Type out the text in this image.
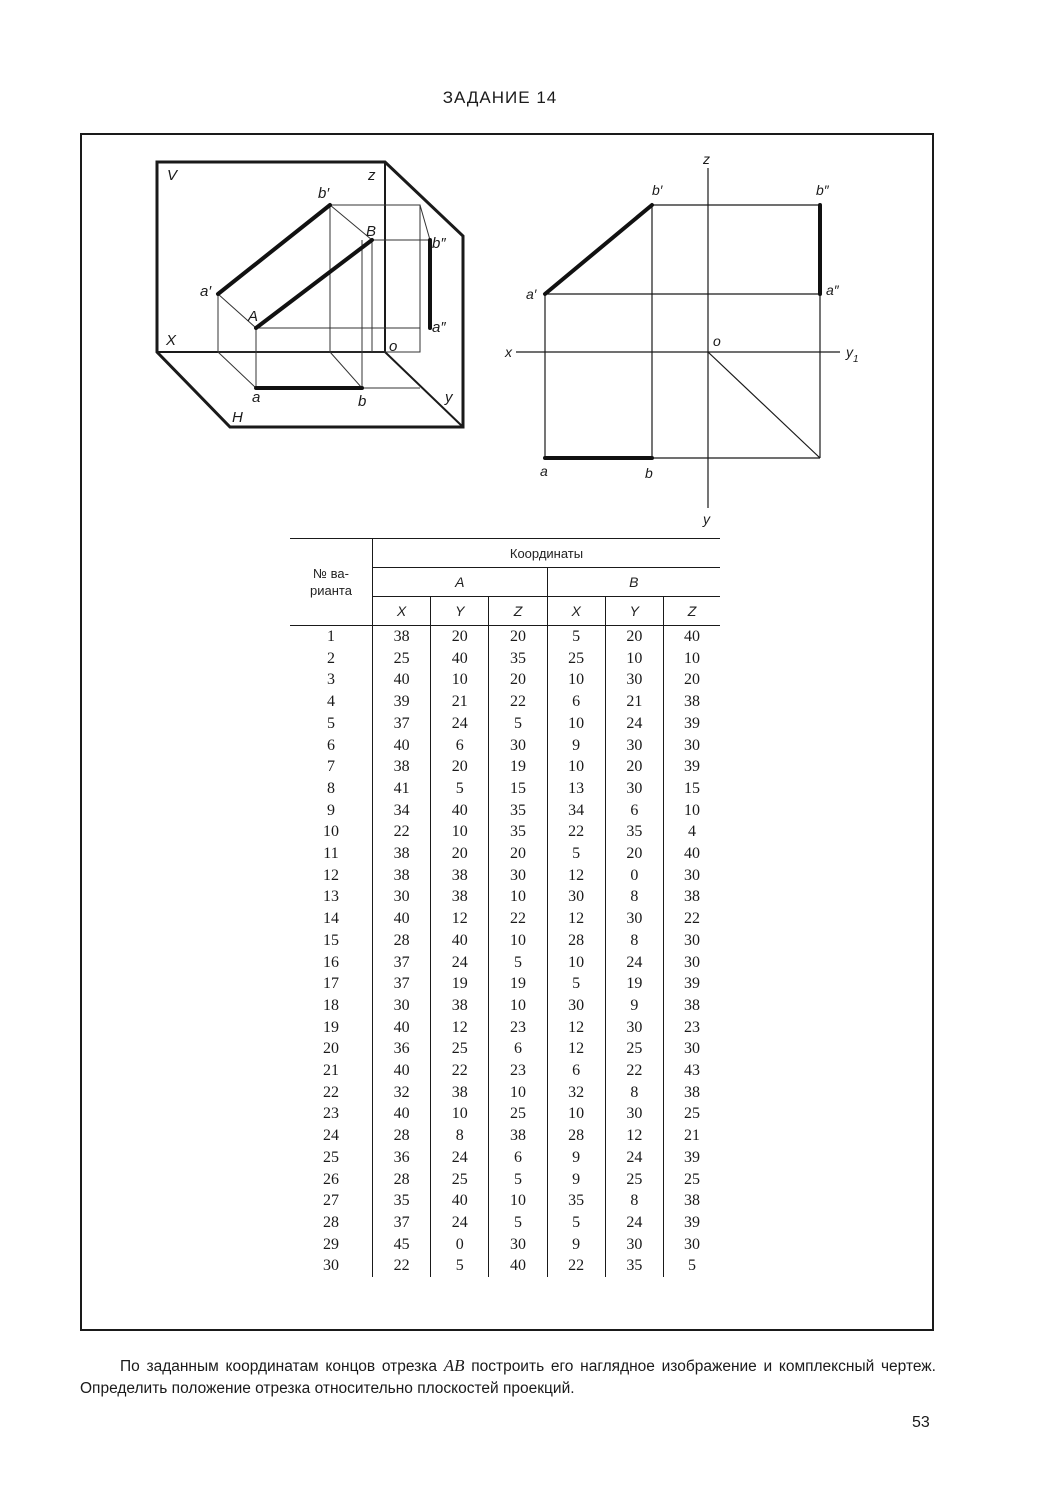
ЗАДАНИЕ 14
V	z
X
y
H
a′
b′
a″
b″
A
B
a	b
o
z
x	$y_1$
y
o
a′
b′
a″
b″
a	b
№ ва-
рианта	Координаты					
	A			B		
	X	Y	Z	X	Y	Z
1	38	20	20	5	20	40
2	25	40	35	25	10	10
3	40	10	20	10	30	20
4	39	21	22	6	21	38
5	37	24	5	10	24	39
6	40	6	30	9	30	30
7	38	20	19	10	20	39
8	41	5	15	13	30	15
9	34	40	35	34	6	10
10	22	10	35	22	35	4
11	38	20	20	5	20	40
12	38	38	30	12	0	30
13	30	38	10	30	8	38
14	40	12	22	12	30	22
15	28	40	10	28	8	30
16	37	24	5	10	24	30
17	37	19	19	5	19	39
18	30	38	10	30	9	38
19	40	12	23	12	30	23
20	36	25	6	12	25	30
21	40	22	23	6	22	43
22	32	38	10	32	8	38
23	40	10	25	10	30	25
24	28	8	38	28	12	21
25	36	24	6	9	24	39
26	28	25	5	9	25	25
27	35	40	10	35	8	38
28	37	24	5	5	24	39
29	45	0	30	9	30	30
30	22	5	40	22	35	5
По заданным координатам концов отрезка AB построить его наглядное изображение и комплексный чертеж. Определить положение отрезка относительно плоскостей проекций.
53
